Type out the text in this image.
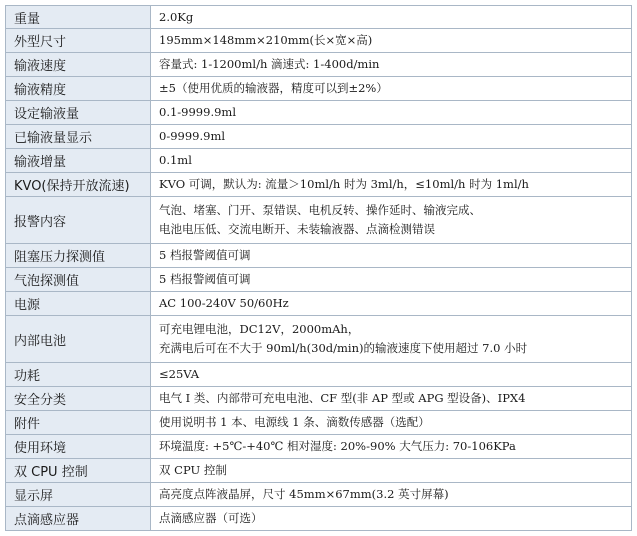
重量	2.0Kg

外型尺寸	195mm×148mm×210mm(长×宽×高)

输液速度	容量式: 1-1200ml/h 滴速式: 1-400d/min

输液精度	±5（使用优质的输液器，精度可以到±2%）

设定输液量	0.1-9999.9ml

已输液量显示	0-9999.9ml

输液增量	0.1ml

KVO(保持开放流速)	KVO 可调，默认为: 流量＞10ml/h 时为 3ml/h，≤10ml/h 时为 1ml/h

报警内容	气泡、堵塞、门开、泵错误、电机反转、操作延时、输液完成、
电池电压低、交流电断开、未装输液器、点滴检测错误

阻塞压力探测值	5 档报警阈值可调

气泡探测值	5 档报警阈值可调

电源	AC 100-240V 50/60Hz

内部电池	可充电锂电池，DC12V，2000mAh，
充满电后可在不大于 90ml/h(30d/min)的输液速度下使用超过 7.0 小时

功耗	≤25VA

安全分类	电气 I 类、内部带可充电电池、CF 型(非 AP 型或 APG 型设备)、IPX4

附件	使用说明书 1 本、电源线 1 条、滴数传感器（选配）

使用环境	环境温度: +5℃-+40℃ 相对湿度: 20%-90% 大气压力: 70-106KPa

双 CPU 控制	双 CPU 控制

显示屏	高亮度点阵液晶屏，尺寸 45mm×67mm(3.2 英寸屏幕)

点滴感应器	点滴感应器（可选）
